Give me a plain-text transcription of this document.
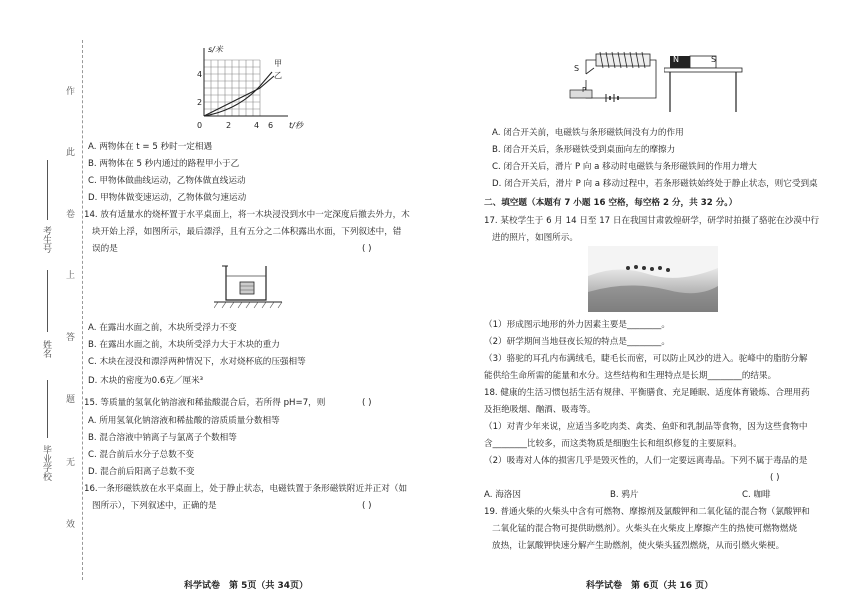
作
此
卷
上
答
题
无
效
考生号
姓名
毕业学校
s/米
t/秒
4
2
0	2	4 6
甲
乙
A. 两物体在 t = 5 秒时一定相遇
B. 两物体在 5 秒内通过的路程甲小于乙
C. 甲物体做曲线运动，乙物体做直线运动
D. 甲物体做变速运动，乙物体做匀速运动
14. 放有适量水的烧杯置于水平桌面上，将一木块浸没到水中一定深度后撤去外力，木
块开始上浮，如图所示，最后漂浮，且有五分之二体积露出水面，下列叙述中，错
误的是	( )
A. 在露出水面之前，木块所受浮力不变
B. 在露出水面之前，木块所受浮力大于木块的重力
C. 木块在浸没和漂浮两种情况下，水对烧杯底的压强相等
D. 木块的密度为0.6克／厘米³
15. 等质量的氢氧化钠溶液和稀盐酸混合后，若所得 pH=7，则	( )
A. 所用氢氧化钠溶液和稀盐酸的溶质质量分数相等
B. 混合溶液中钠离子与氯离子个数相等
C. 混合前后水分子总数不变
D. 混合前后阳离子总数不变
16.一条形磁铁放在水平桌面上，处于静止状态，电磁铁置于条形磁铁附近并正对（如
图所示），下列叙述中，正确的是	( )
科学试卷　第 5页（共 34页）
S
P
N	S
A. 闭合开关前，电磁铁与条形磁铁间没有力的作用
B. 闭合开关后，条形磁铁受到桌面向左的摩擦力
C. 闭合开关后，滑片 P 向 a 移动时电磁铁与条形磁铁间的作用力增大
D. 闭合开关后，滑片 P 向 a 移动过程中，若条形磁铁始终处于静止状态，则它受到桌
二、填空题（本题有 7 小题 16 空格，每空格 2 分，共 32 分。）
17. 某校学生于 6 月 14 日至 17 日在我国甘肃敦煌研学，研学时拍摄了骆驼在沙漠中行
进的照片，如图所示。
（1）形成图示地形的外力因素主要是________。
（2）研学期间当地昼夜长短的特点是________。
（3）骆驼的耳孔内布满绒毛，睫毛长而密，可以防止风沙的进入。驼峰中的脂肪分解
能供给生命所需的能量和水分。这些结构和生理特点是长期________的结果。
18. 健康的生活习惯包括生活有规律、平衡膳食、充足睡眠、适度体育锻炼、合理用药
及拒绝吸烟、酗酒、吸毒等。
（1）对青少年来说，应适当多吃肉类、禽类、鱼虾和乳制品等食物，因为这些食物中
含________比较多，而这类物质是细胞生长和组织修复的主要原料。
（2）吸毒对人体的损害几乎是毁灭性的，人们一定要远离毒品。下列不属于毒品的是
( )
A. 海洛因	B. 鸦片	C. 咖啡
19. 普通火柴的火柴头中含有可燃物、摩擦剂及氯酸钾和二氧化锰的混合物（氯酸钾和
二氧化锰的混合物可提供助燃剂）。火柴头在火柴皮上摩擦产生的热使可燃物燃烧
放热，让氯酸钾快速分解产生助燃剂，使火柴头猛烈燃烧，从而引燃火柴梗。
科学试卷　第 6页（共 16 页）
